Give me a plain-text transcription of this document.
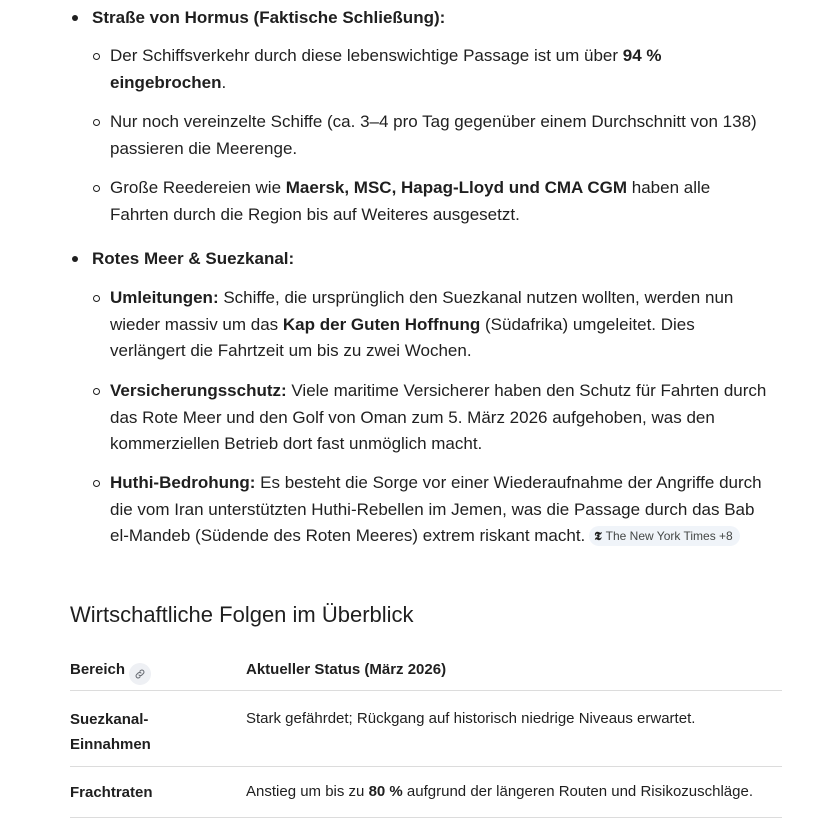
Straße von Hormus (Faktische Schließung):
Der Schiffsverkehr durch diese lebenswichtige Passage ist um über 94 % eingebrochen.
Nur noch vereinzelte Schiffe (ca. 3–4 pro Tag gegenüber einem Durchschnitt von 138) passieren die Meerenge.
Große Reedereien wie Maersk, MSC, Hapag-Lloyd und CMA CGM haben alle Fahrten durch die Region bis auf Weiteres ausgesetzt.
Rotes Meer & Suezkanal:
Umleitungen: Schiffe, die ursprünglich den Suezkanal nutzen wollten, werden nun wieder massiv um das Kap der Guten Hoffnung (Südafrika) umgeleitet. Dies verlängert die Fahrtzeit um bis zu zwei Wochen.
Versicherungsschutz: Viele maritime Versicherer haben den Schutz für Fahrten durch das Rote Meer und den Golf von Oman zum 5. März 2026 aufgehoben, was den kommerziellen Betrieb dort fast unmöglich macht.
Huthi-Bedrohung: Es besteht die Sorge vor einer Wiederaufnahme der Angriffe durch die vom Iran unterstützten Huthi-Rebellen im Jemen, was die Passage durch das Bab el-Mandeb (Südende des Roten Meeres) extrem riskant macht. 𝕿 The New York Times +8
Wirtschaftliche Folgen im Überblick
Bereich	Aktueller Status (März 2026)
Suezkanal-Einnahmen
Stark gefährdet; Rückgang auf historisch niedrige Niveaus erwartet.
Frachtraten	Anstieg um bis zu 80 % aufgrund der längeren Routen und Risikozuschläge.
